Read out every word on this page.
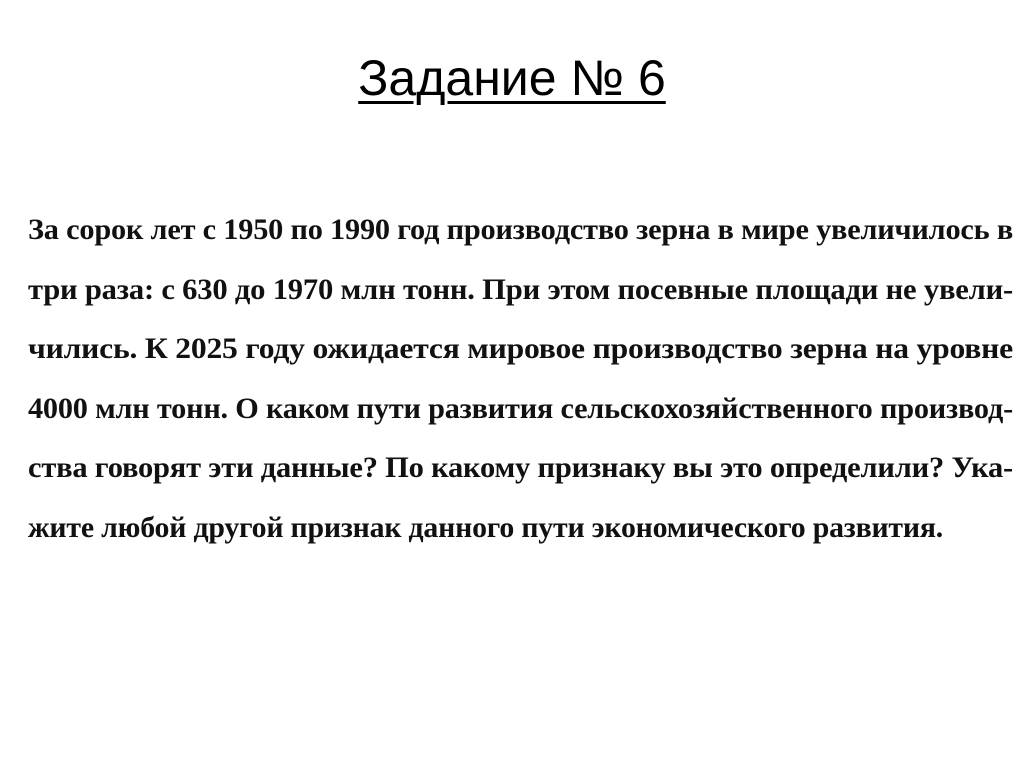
Задание № 6
За сорок лет с 1950 по 1990 год производство зерна в мире увеличилось в
три раза: с 630 до 1970 млн тонн. При этом посевные площади не увели-
чились. К 2025 году ожидается мировое производство зерна на уровне
4000 млн тонн. О каком пути развития сельскохозяйственного производ-
ства говорят эти данные? По какому признаку вы это определили? Ука-
жите любой другой признак данного пути экономического развития.
